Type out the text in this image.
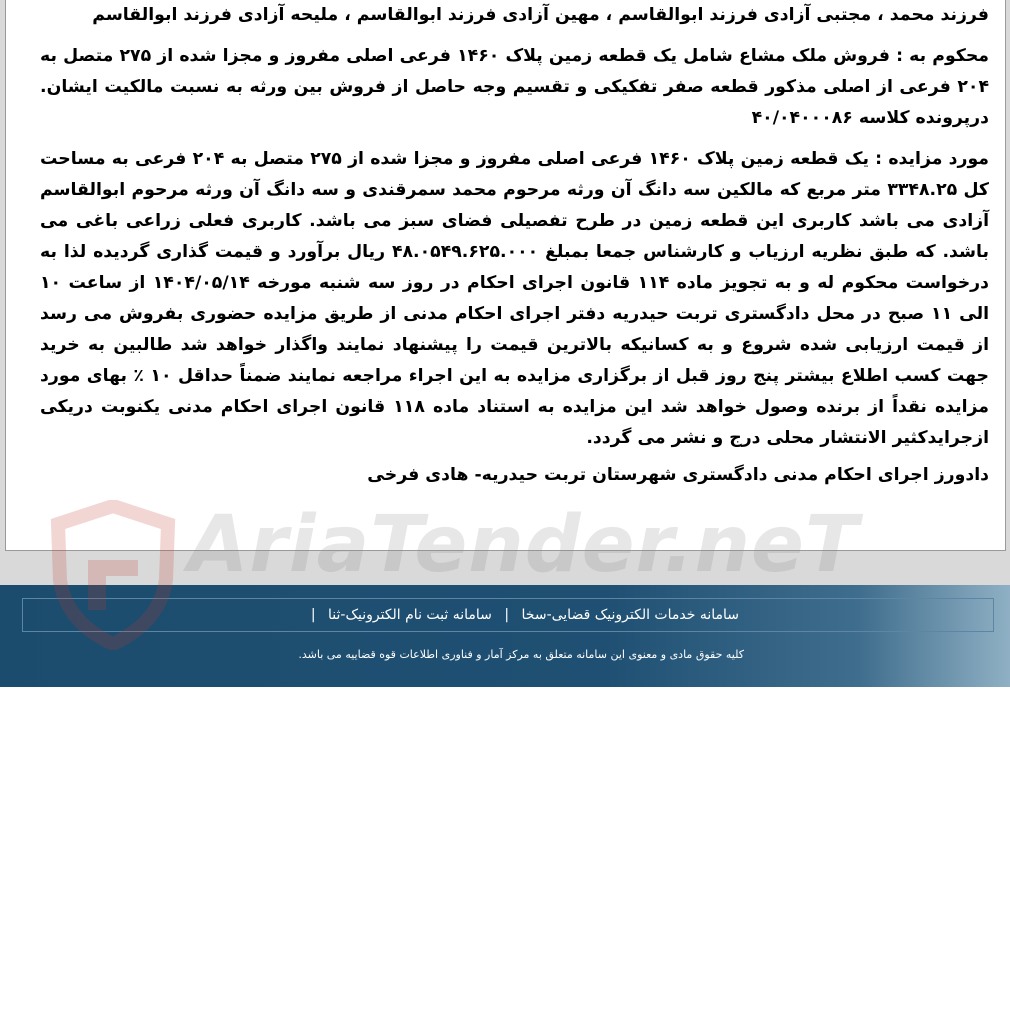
فرزند محمد ، مجتبی آزادی فرزند ابوالقاسم ، مهین آزادی فرزند ابوالقاسم ، ملیحه آزادی فرزند ابوالقاسم

محکوم به : فروش ملک مشاع شامل یک قطعه زمین پلاک ۱۴۶۰ فرعی اصلی مفروز و مجزا شده از ۲۷۵ متصل به ۲۰۴ فرعی از اصلی مذکور قطعه صفر تفکیکی و تقسیم وجه حاصل از فروش بین ورثه به نسبت مالکیت ایشان. درپرونده کلاسه ۴۰/۰۴۰۰۰۸۶

مورد مزایده : یک قطعه زمین پلاک ۱۴۶۰ فرعی اصلی مفروز و مجزا شده از ۲۷۵ متصل به ۲۰۴ فرعی به مساحت کل ۳۳۴۸.۲۵ متر مربع که مالکین سه دانگ آن ورثه مرحوم محمد سمرقندی و سه دانگ آن ورثه مرحوم ابوالقاسم آزادی می باشد کاربری این قطعه زمین در طرح تفصیلی فضای سبز می باشد. کاربری فعلی زراعی باغی می باشد. که طبق نظریه ارزیاب و کارشناس جمعا بمبلغ ۴۸.۰۵۴۹.۶۲۵.۰۰۰ ریال برآورد و قیمت گذاری گردیده لذا به درخواست محکوم له و به تجویز ماده ۱۱۴ قانون اجرای احکام در روز سه شنبه مورخه ۱۴۰۴/۰۵/۱۴ از ساعت ۱۰ الی ۱۱ صبح در محل دادگستری تربت حیدریه دفتر اجرای احکام مدنی از طریق مزایده حضوری بفروش می رسد از قیمت ارزیابی شده شروع و به کسانیکه بالاترین قیمت را پیشنهاد نمایند واگذار خواهد شد طالبین به خرید جهت کسب اطلاع بیشتر پنج روز قبل از برگزاری مزایده به این اجراء مراجعه نمایند ضمناً حداقل ۱۰ ٪ بهای مورد مزایده نقداً از برنده وصول خواهد شد این مزایده به استناد ماده ۱۱۸ قانون اجرای احکام مدنی یکنوبت دریکی ازجرایدکثیر الانتشار محلی درج و نشر می گردد.

دادورز اجرای احکام مدنی دادگستری شهرستان تربت حیدریه- هادی فرخی

سامانه خدمات الکترونیک قضایی-سخا | سامانه ثبت نام الکترونیک-ثنا |
کلیه حقوق مادی و معنوی این سامانه متعلق به مرکز آمار و فناوری اطلاعات قوه قضاییه می باشد.
AriaTender.neT
